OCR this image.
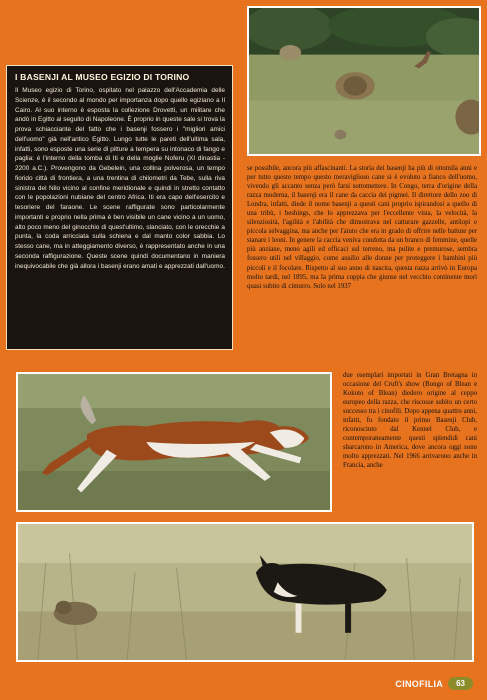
I BASENJI AL MUSEO EGIZIO DI TORINO

Il Museo egizio di Torino, ospitato nel palazzo dell'Accademia delle Scienze, è il secondo al mondo per importanza dopo quello egiziano a Il Cairo. Al suo interno è esposta la collezione Drovetti, un militare che andò in Egitto al seguito di Napoleone. È proprio in queste sale si trova la prova schiacciante del fatto che i basenji fossero i "migliori amici dell'uomo" già nell'antico Egitto. Lungo tutte le pareti dell'ultima sala, infatti, sono esposte una serie di pitture a tempera su intonaco di fango e paglia: è l'interno della tomba di Iti e della moglie Noferu (XI dinastia - 2200 a.C.). Provengono da Gebelein, una collina polverosa, un tempo fiorido città di frontiera, a una trentina di chilometri da Tebe, sulla riva sinistra del Nilo vicino al confine meridionale e quindi in stretto contatto con le popolazioni nubiane del centro Africa. Iti era capo dell'esercito e tesoriere del faraone. Le scene raffigurate sono particolarmente importanti e proprio nella prima è ben visibile un cane vicino a un uomo, alto poco meno del ginocchio di quest'ultimo, slanciato, con le orecchie a punta, la coda arricciata sulla schiena e dal manto color sabbia. Lo stesso cane, ma in atteggiamento diverso, è rappresentato anche in una seconda raffigurazione. Queste scene quindi documentano in maniera inequivocabile che già allora i basenji erano amati e apprezzati dall'uomo.

se possibile, ancora più affascinanti. La storia dei basenji ha più di ottomila anni e per tutto questo tempo questo meraviglioso cane si è evoluto a fianco dell'uomo, vivendo gli accanto senza però farsi sottomettere. In Congo, terra d'origine della razza moderna, il basenji era il cane da caccia dei pigmei. Il direttore dello zoo di Londra, infatti, diede il nome basenji a questi cani proprio ispirandosi a quello di una tribù, i beshings, che lo apprezzava per l'eccellente vista, la velocità, la silenziosità, l'agilità e l'abilità che dimostrava nel catturare gazzelle, antilopi e piccola selvaggina, ma anche per l'aiuto che era in grado di offrire nelle battute per stanare i leoni. In genere la caccia veniva condotta da un branco di femmine, quelle più anziane, meno agili ed efficaci sul terreno, ma pulite e premurose, sembra fossero utili nel villaggio, come ausilio alle donne per proteggere i bambini più piccoli e il focolare. Rispetto al suo anno di nascita, questa razza arrivò in Europa molto tardi, nel 1895, ma la prima coppia che giunse nel vecchio continente morì quasi subito di cimurro. Solo nel 1937

due esemplari importati in Gran Bretagna in occasione del Cruft's show (Bongo of Blean e Kokoto of Blean) diedero origine al ceppo europeo della razza, che riscosse subito un certo successo tra i cinofili. Dopo appena quattro anni, infatti, fu fondato il primo Basenji Club, riconosciuto dal Kennel Club, e contemporaneamente questi splendidi cani sbarcarono in America, dove ancora oggi sono molto apprezzati. Nel 1966 arrivarono anche in Francia, anche

CINOFILIA	63
